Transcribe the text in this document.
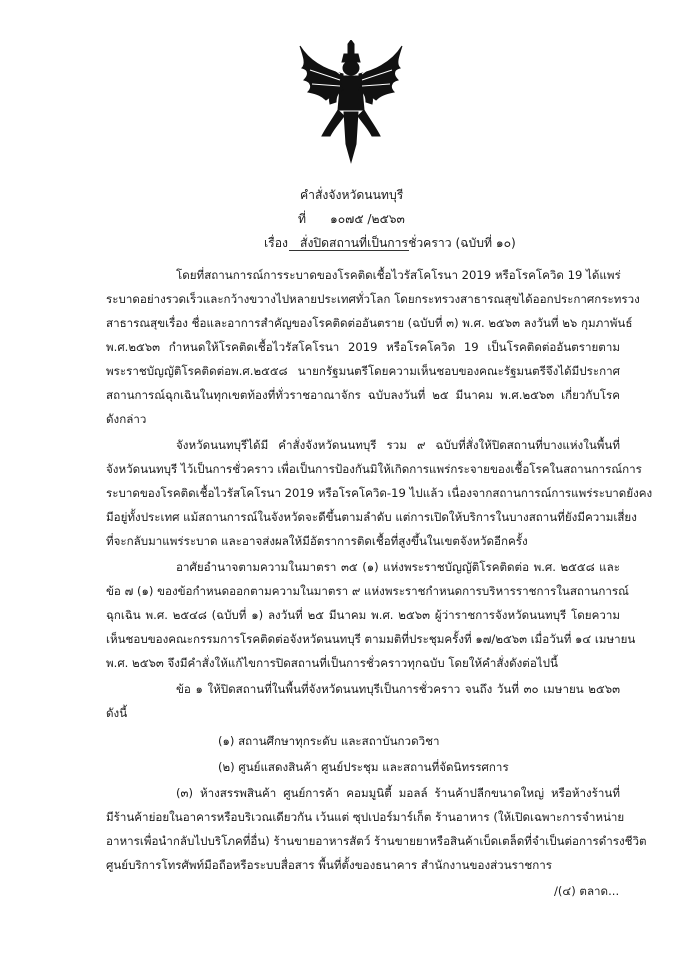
คำสั่งจังหวัดนนทบุรี
ที่ ๑๐๗๕ /๒๕๖๓
เรื่อง สั่งปิดสถานที่เป็นการชั่วคราว (ฉบับที่ ๑๐)
โดยที่สถานการณ์การระบาดของโรคติดเชื้อไวรัสโคโรนา 2019 หรือโรคโควิด 19 ได้แพร่
ระบาดอย่างรวดเร็วและกว้างขวางไปหลายประเทศทั่วโลก โดยกระทรวงสาธารณสุขได้ออกประกาศกระทรวง
สาธารณสุขเรื่อง ชื่อและอาการสำคัญของโรคติดต่ออันตราย (ฉบับที่ ๓) พ.ศ. ๒๕๖๓ ลงวันที่ ๒๖ กุมภาพันธ์
พ.ศ.๒๕๖๓ กำหนดให้โรคติดเชื้อไวรัสโคโรนา 2019 หรือโรคโควิด 19 เป็นโรคติดต่ออันตรายตาม
พระราชบัญญัติโรคติดต่อพ.ศ.๒๕๕๘ นายกรัฐมนตรีโดยความเห็นชอบของคณะรัฐมนตรีจึงได้มีประกาศ
สถานการณ์ฉุกเฉินในทุกเขตท้องที่ทั่วราชอาณาจักร ฉบับลงวันที่ ๒๕ มีนาคม พ.ศ.๒๕๖๓ เกี่ยวกับโรค
ดังกล่าว
จังหวัดนนทบุรีได้มี คำสั่งจังหวัดนนทบุรี รวม ๙ ฉบับที่สั่งให้ปิดสถานที่บางแห่งในพื้นที่
จังหวัดนนทบุรี ไว้เป็นการชั่วคราว เพื่อเป็นการป้องกันมิให้เกิดการแพร่กระจายของเชื้อโรคในสถานการณ์การ
ระบาดของโรคติดเชื้อไวรัสโคโรนา 2019 หรือโรคโควิด-19 ไปแล้ว เนื่องจากสถานการณ์การแพร่ระบาดยังคง
มีอยู่ทั้งประเทศ แม้สถานการณ์ในจังหวัดจะดีขึ้นตามลำดับ แต่การเปิดให้บริการในบางสถานที่ยังมีความเสี่ยง
ที่จะกลับมาแพร่ระบาด และอาจส่งผลให้มีอัตราการติดเชื้อที่สูงขึ้นในเขตจังหวัดอีกครั้ง
อาศัยอำนาจตามความในมาตรา ๓๕ (๑) แห่งพระราชบัญญัติโรคติดต่อ พ.ศ. ๒๕๕๘ และ
ข้อ ๗ (๑) ของข้อกำหนดออกตามความในมาตรา ๙ แห่งพระราชกำหนดการบริหารราชการในสถานการณ์
ฉุกเฉิน พ.ศ. ๒๕๔๘ (ฉบับที่ ๑) ลงวันที่ ๒๕ มีนาคม พ.ศ. ๒๕๖๓ ผู้ว่าราชการจังหวัดนนทบุรี โดยความ
เห็นชอบของคณะกรรมการโรคติดต่อจังหวัดนนทบุรี ตามมติที่ประชุมครั้งที่ ๑๗/๒๕๖๓ เมื่อวันที่ ๑๔ เมษายน
พ.ศ. ๒๕๖๓ จึงมีคำสั่งให้แก้ไขการปิดสถานที่เป็นการชั่วคราวทุกฉบับ โดยให้คำสั่งดังต่อไปนี้
ข้อ ๑ ให้ปิดสถานที่ในพื้นที่จังหวัดนนทบุรีเป็นการชั่วคราว จนถึง วันที่ ๓๐ เมษายน ๒๕๖๓
ดังนี้
(๑) สถานศึกษาทุกระดับ และสถาบันกวดวิชา
(๒) ศูนย์แสดงสินค้า ศูนย์ประชุม และสถานที่จัดนิทรรศการ
(๓) ห้างสรรพสินค้า ศูนย์การค้า คอมมูนิตี้ มอลล์ ร้านค้าปลีกขนาดใหญ่ หรือห้างร้านที่
มีร้านค้าย่อยในอาคารหรือบริเวณเดียวกัน เว้นแต่ ซุปเปอร์มาร์เก็ต ร้านอาหาร (ให้เปิดเฉพาะการจำหน่าย
อาหารเพื่อนำกลับไปบริโภคที่อื่น) ร้านขายอาหารสัตว์ ร้านขายยาหรือสินค้าเบ็ดเตล็ดที่จำเป็นต่อการดำรงชีวิต
ศูนย์บริการโทรศัพท์มือถือหรือระบบสื่อสาร พื้นที่ตั้งของธนาคาร สำนักงานของส่วนราชการ
/(๔) ตลาด...
